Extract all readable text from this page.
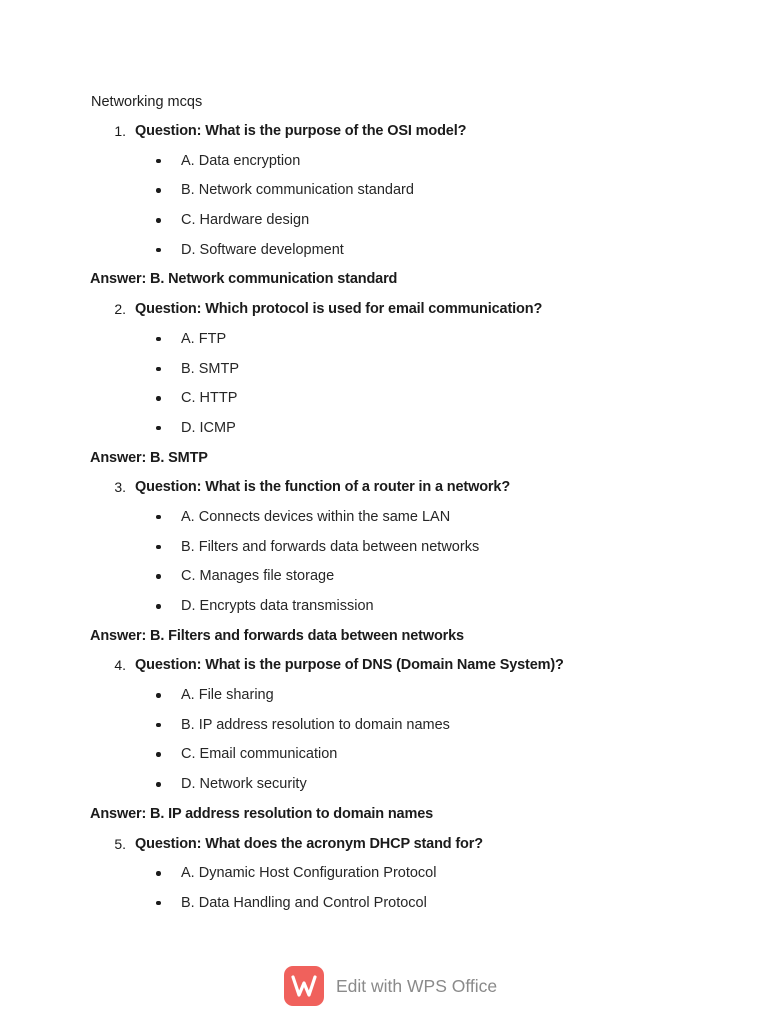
Networking mcqs
1. Question: What is the purpose of the OSI model?
A. Data encryption
B. Network communication standard
C. Hardware design
D. Software development
Answer: B. Network communication standard
2. Question: Which protocol is used for email communication?
A. FTP
B. SMTP
C. HTTP
D. ICMP
Answer: B. SMTP
3. Question: What is the function of a router in a network?
A. Connects devices within the same LAN
B. Filters and forwards data between networks
C. Manages file storage
D. Encrypts data transmission
Answer: B. Filters and forwards data between networks
4. Question: What is the purpose of DNS (Domain Name System)?
A. File sharing
B. IP address resolution to domain names
C. Email communication
D. Network security
Answer: B. IP address resolution to domain names
5. Question: What does the acronym DHCP stand for?
A. Dynamic Host Configuration Protocol
B. Data Handling and Control Protocol
Edit with WPS Office
